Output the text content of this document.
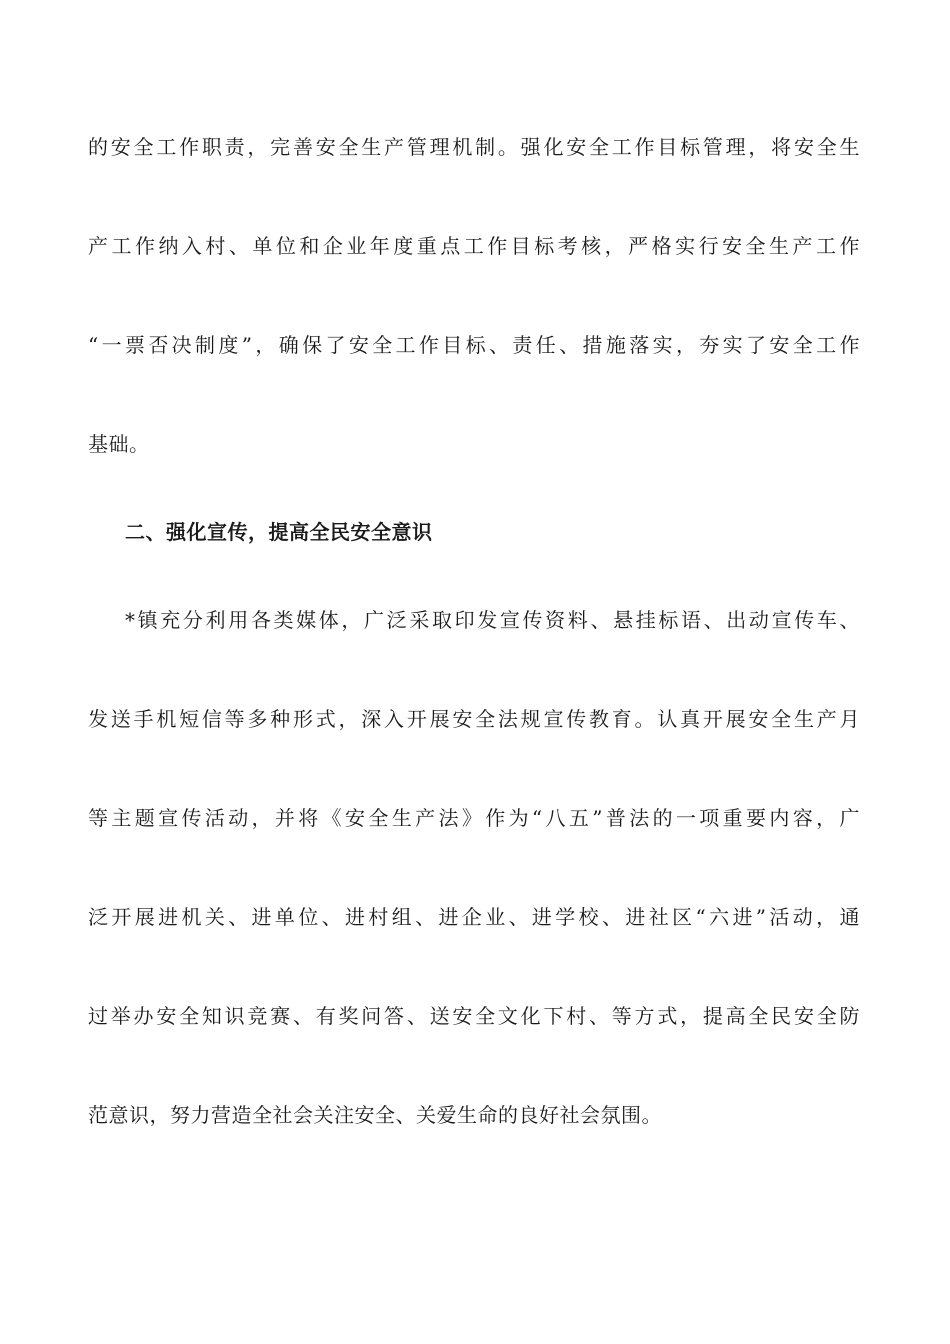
的安全工作职责，完善安全生产管理机制。强化安全工作目标管理，将安全生
产工作纳入村、单位和企业年度重点工作目标考核，严格实行安全生产工作
“一票否决制度”，确保了安全工作目标、责任、措施落实，夯实了安全工作
基础。
二、强化宣传，提高全民安全意识
*镇充分利用各类媒体，广泛采取印发宣传资料、悬挂标语、出动宣传车、
发送手机短信等多种形式，深入开展安全法规宣传教育。认真开展安全生产月
等主题宣传活动，并将《安全生产法》作为“八五”普法的一项重要内容，广
泛开展进机关、进单位、进村组、进企业、进学校、进社区“六进”活动，通
过举办安全知识竞赛、有奖问答、送安全文化下村、等方式，提高全民安全防
范意识，努力营造全社会关注安全、关爱生命的良好社会氛围。
